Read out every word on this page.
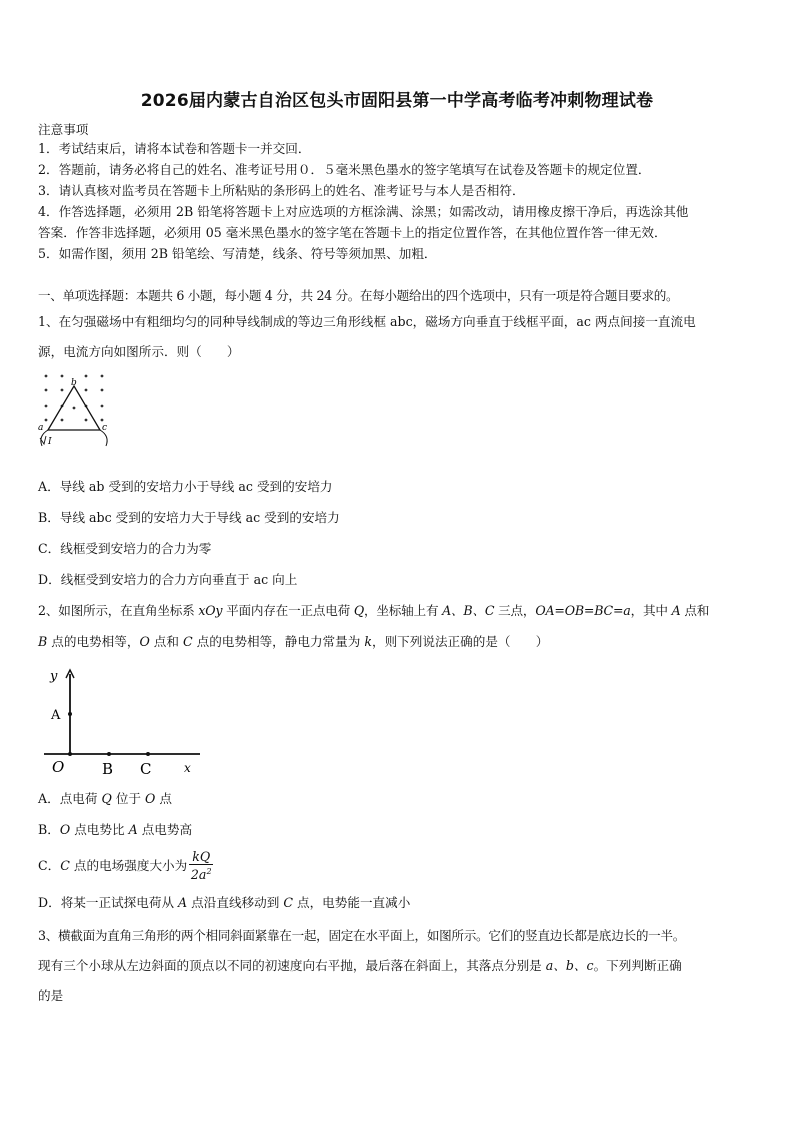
2026届内蒙古自治区包头市固阳县第一中学高考临考冲刺物理试卷
注意事项
1．考试结束后，请将本试卷和答题卡一并交回．
2．答题前，请务必将自己的姓名、准考证号用０．５毫米黑色墨水的签字笔填写在试卷及答题卡的规定位置．
3．请认真核对监考员在答题卡上所粘贴的条形码上的姓名、准考证号与本人是否相符．
4．作答选择题，必须用 2B 铅笔将答题卡上对应选项的方框涂满、涂黑；如需改动，请用橡皮擦干净后，再选涂其他
答案．作答非选择题，必须用 05 毫米黑色墨水的签字笔在答题卡上的指定位置作答，在其他位置作答一律无效．
5．如需作图，须用 2B 铅笔绘、写清楚，线条、符号等须加黑、加粗．
一、单项选择题：本题共 6 小题，每小题 4 分，共 24 分。在每小题给出的四个选项中，只有一项是符合题目要求的。
1、在匀强磁场中有粗细均匀的同种导线制成的等边三角形线框 abc，磁场方向垂直于线框平面，ac 两点间接一直流电
源，电流方向如图所示．则（　　）
b
a	c
I
A．导线 ab 受到的安培力小于导线 ac 受到的安培力
B．导线 abc 受到的安培力大于导线 ac 受到的安培力
C．线框受到安培力的合力为零
D．线框受到安培力的合力方向垂直于 ac 向上
2、如图所示，在直角坐标系 xOy 平面内存在一正点电荷 Q，坐标轴上有 A、B、C 三点，OA=OB=BC=a，其中 A 点和
B 点的电势相等，O 点和 C 点的电势相等，静电力常量为 k，则下列说法正确的是（　　）
y
A
O	B C	x
A．点电荷 Q 位于 O 点
B．O 点电势比 A 点电势高
C．C 点的电场强度大小为 $\frac{kQ}{2a^2}$
D．将某一正试探电荷从 A 点沿直线移动到 C 点，电势能一直减小
3、横截面为直角三角形的两个相同斜面紧靠在一起，固定在水平面上，如图所示。它们的竖直边长都是底边长的一半。
现有三个小球从左边斜面的顶点以不同的初速度向右平抛，最后落在斜面上，其落点分别是 a、b、c。下列判断正确
的是
